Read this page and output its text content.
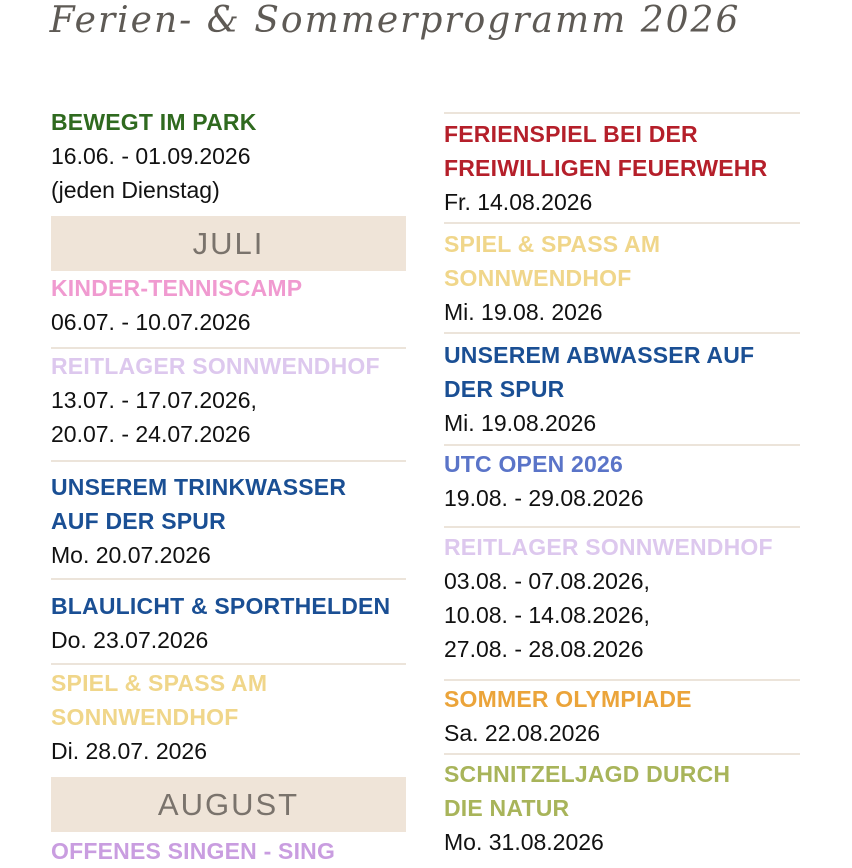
Ferien- & Sommerprogramm 2026
JULI
AUGUST
BEWEGT IM PARK
16.06. - 01.09.2026
(jeden Dienstag)
KINDER-TENNISCAMP
06.07. - 10.07.2026
REITLAGER SONNWENDHOF
13.07. - 17.07.2026,
20.07. - 24.07.2026
UNSEREM TRINKWASSER
AUF DER SPUR
Mo. 20.07.2026
BLAULICHT & SPORTHELDEN
Do. 23.07.2026
SPIEL & SPASS AM
SONNWENDHOF
Di. 28.07. 2026
OFFENES SINGEN - SING
FERIENSPIEL BEI DER
FREIWILLIGEN FEUERWEHR
Fr. 14.08.2026
SPIEL & SPASS AM
SONNWENDHOF
Mi. 19.08. 2026
UNSEREM ABWASSER AUF
DER SPUR
Mi. 19.08.2026
UTC OPEN 2026
19.08. - 29.08.2026
REITLAGER SONNWENDHOF
03.08. - 07.08.2026,
10.08. - 14.08.2026,
27.08. - 28.08.2026
SOMMER OLYMPIADE
Sa. 22.08.2026
SCHNITZELJAGD DURCH
DIE NATUR
Mo. 31.08.2026
